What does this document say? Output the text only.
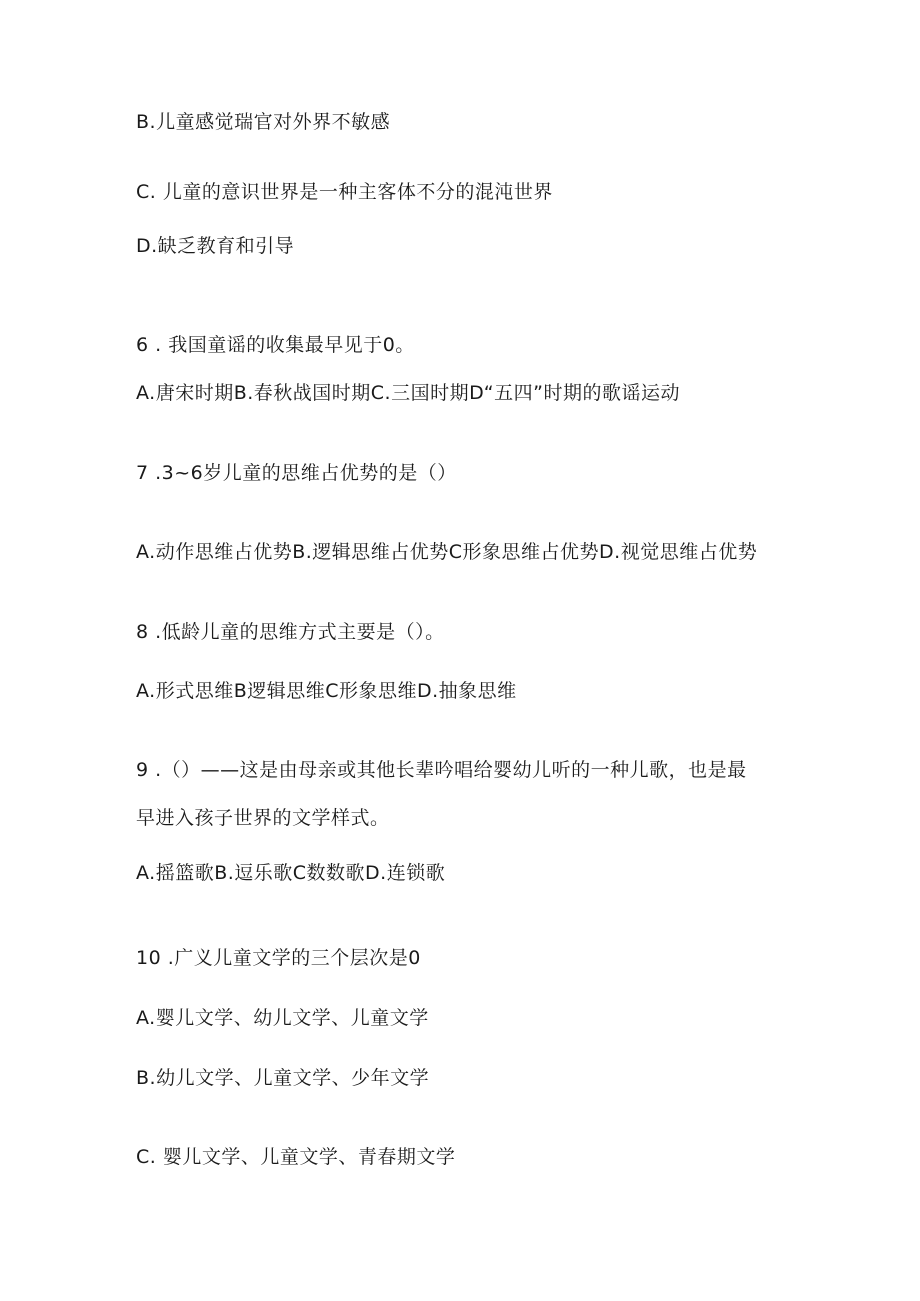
B.儿童感觉瑞官对外界不敏感
C. 儿童的意识世界是一种主客体不分的混沌世界
D.缺乏教育和引导
6 . 我国童谣的收集最早见于0。
A.唐宋时期B.春秋战国时期C.三国时期D“五四”时期的歌谣运动
7 .3~6岁儿童的思维占优势的是（）
A.动作思维占优势B.逻辑思维占优势C形象思维占优势D.视觉思维占优势
8 .低龄儿童的思维方式主要是（）。
A.形式思维B逻辑思维C形象思维D.抽象思维
9 .（）——这是由母亲或其他长辈吟唱给婴幼儿听的一种儿歌，也是最
早进入孩子世界的文学样式。
A.摇篮歌B.逗乐歌C数数歌D.连锁歌
10 .广义儿童文学的三个层次是0
A.婴儿文学、幼儿文学、儿童文学
B.幼儿文学、儿童文学、少年文学
C. 婴儿文学、儿童文学、青春期文学
